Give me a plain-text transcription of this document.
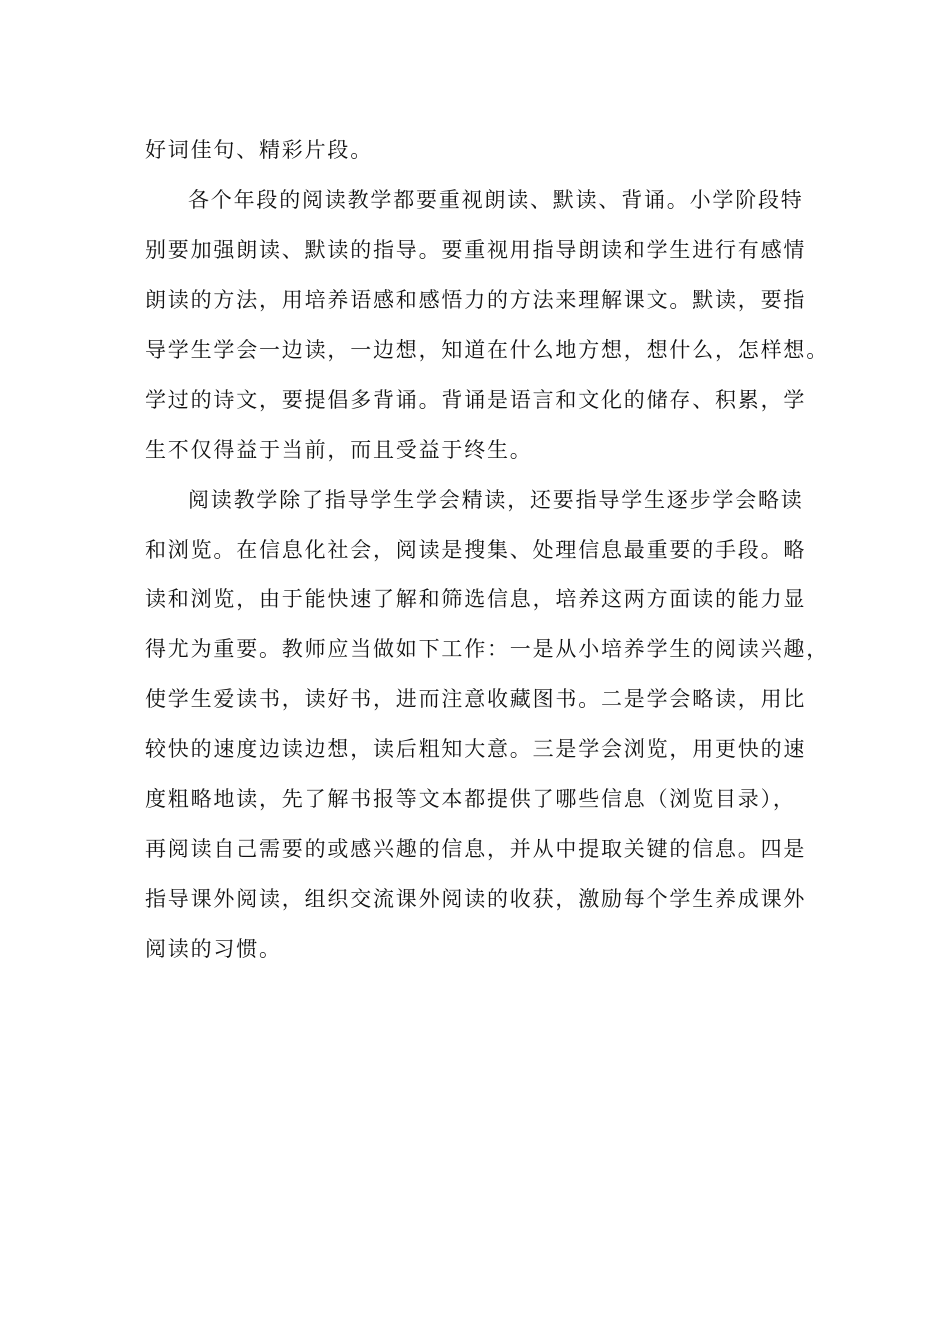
好词佳句、精彩片段。

各个年段的阅读教学都要重视朗读、默读、背诵。小学阶段特

别要加强朗读、默读的指导。要重视用指导朗读和学生进行有感情

朗读的方法，用培养语感和感悟力的方法来理解课文。默读，要指

导学生学会一边读，一边想，知道在什么地方想，想什么，怎样想。

学过的诗文，要提倡多背诵。背诵是语言和文化的储存、积累，学

生不仅得益于当前，而且受益于终生。

阅读教学除了指导学生学会精读，还要指导学生逐步学会略读

和浏览。在信息化社会，阅读是搜集、处理信息最重要的手段。略

读和浏览，由于能快速了解和筛选信息，培养这两方面读的能力显

得尤为重要。教师应当做如下工作：一是从小培养学生的阅读兴趣，

使学生爱读书，读好书，进而注意收藏图书。二是学会略读，用比

较快的速度边读边想，读后粗知大意。三是学会浏览，用更快的速

度粗略地读，先了解书报等文本都提供了哪些信息（浏览目录），

再阅读自己需要的或感兴趣的信息，并从中提取关键的信息。四是

指导课外阅读，组织交流课外阅读的收获，激励每个学生养成课外

阅读的习惯。
